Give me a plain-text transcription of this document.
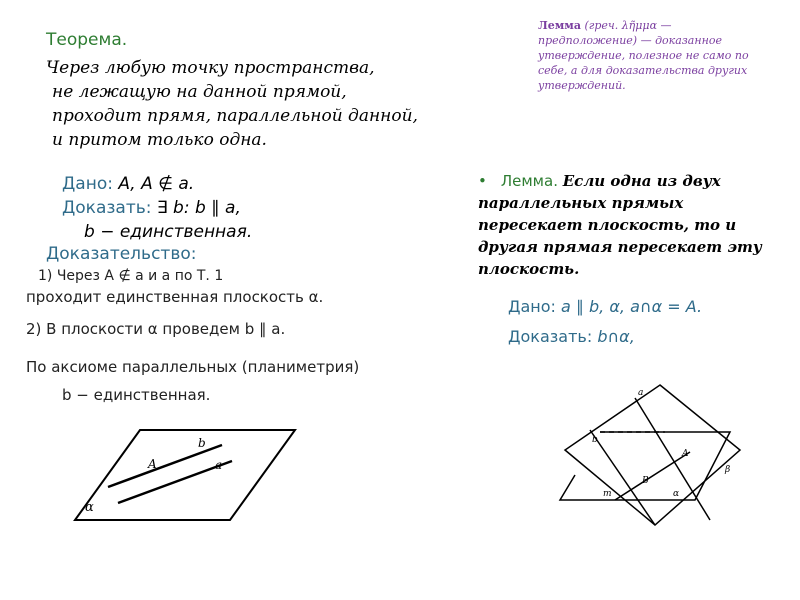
Теорема.
Через любую точку пространства,
не лежащую на данной прямой,
проходит прямя, параллельной данной,
и притом только одна.
Дано: A, A ∉ a.
Доказать: ∃ b: b ∥ a,
b − единственная.
Доказательство:
1) Через A ∉ a и a по Т. 1
проходит единственная плоскость α.
2) В плоскости α проведем b ∥ a.
По аксиоме параллельных (планиметрия)
b − единственная.
Лемма (греч. λῆμμα — предположение) — доказанное утверждение, полезное не само по себе, а для доказательства других утверждений.
• Лемма. Если одна из двух параллельных прямых пересекает плоскость, то и другая прямая пересекает эту плоскость.
Дано: a ∥ b, α, a∩α = A.
Доказать: b∩α,
b
A	a
α
a
b
A
B
m	α
β
